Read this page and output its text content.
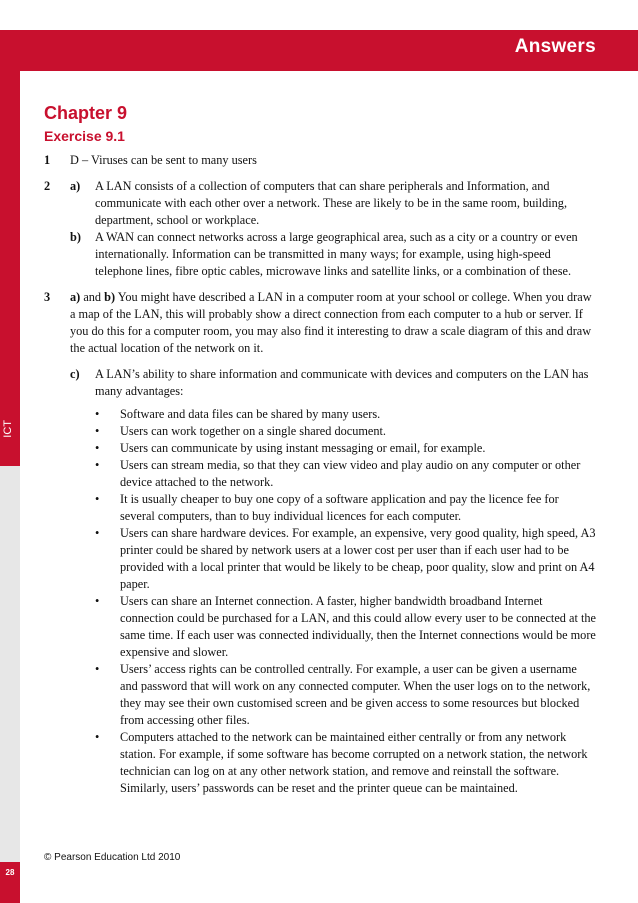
Answers
ICT
28
Chapter 9
Exercise 9.1
1	D – Viruses can be sent to many users
2	a)	A LAN consists of a collection of computers that can share peripherals and Information, and communicate with each other over a network. These are likely to be in the same room, building, department, school or workplace.
b)	A WAN can connect networks across a large geographical area, such as a city or a country or even internationally. Information can be transmitted in many ways; for example, using high-speed telephone lines, fibre optic cables, microwave links and satellite links, or a combination of these.
3	a) and b) You might have described a LAN in a computer room at your school or college. When you draw a map of the LAN, this will probably show a direct connection from each computer to a hub or server. If you do this for a computer room, you may also find it interesting to draw a scale diagram of this and draw the actual location of the network on it.
c)	A LAN’s ability to share information and communicate with devices and computers on the LAN has many advantages:
•	Software and data files can be shared by many users.
•	Users can work together on a single shared document.
•	Users can communicate by using instant messaging or email, for example.
•	Users can stream media, so that they can view video and play audio on any computer or other device attached to the network.
•	It is usually cheaper to buy one copy of a software application and pay the licence fee for several computers, than to buy individual licences for each computer.
•	Users can share hardware devices. For example, an expensive, very good quality, high speed, A3 printer could be shared by network users at a lower cost per user than if each user had to be provided with a local printer that would be likely to be cheap, poor quality, slow and print on A4 paper.
•	Users can share an Internet connection. A faster, higher bandwidth broadband Internet connection could be purchased for a LAN, and this could allow every user to be connected at the same time. If each user was connected individually, then the Internet connections would be more expensive and slower.
•	Users’ access rights can be controlled centrally. For example, a user can be given a username and password that will work on any connected computer. When the user logs on to the network, they may see their own customised screen and be given access to some resources but blocked from accessing other files.
•	Computers attached to the network can be maintained either centrally or from any network station. For example, if some software has become corrupted on a network station, the network technician can log on at any other network station, and remove and reinstall the software. Similarly, users’ passwords can be reset and the printer queue can be maintained.
© Pearson Education Ltd 2010
